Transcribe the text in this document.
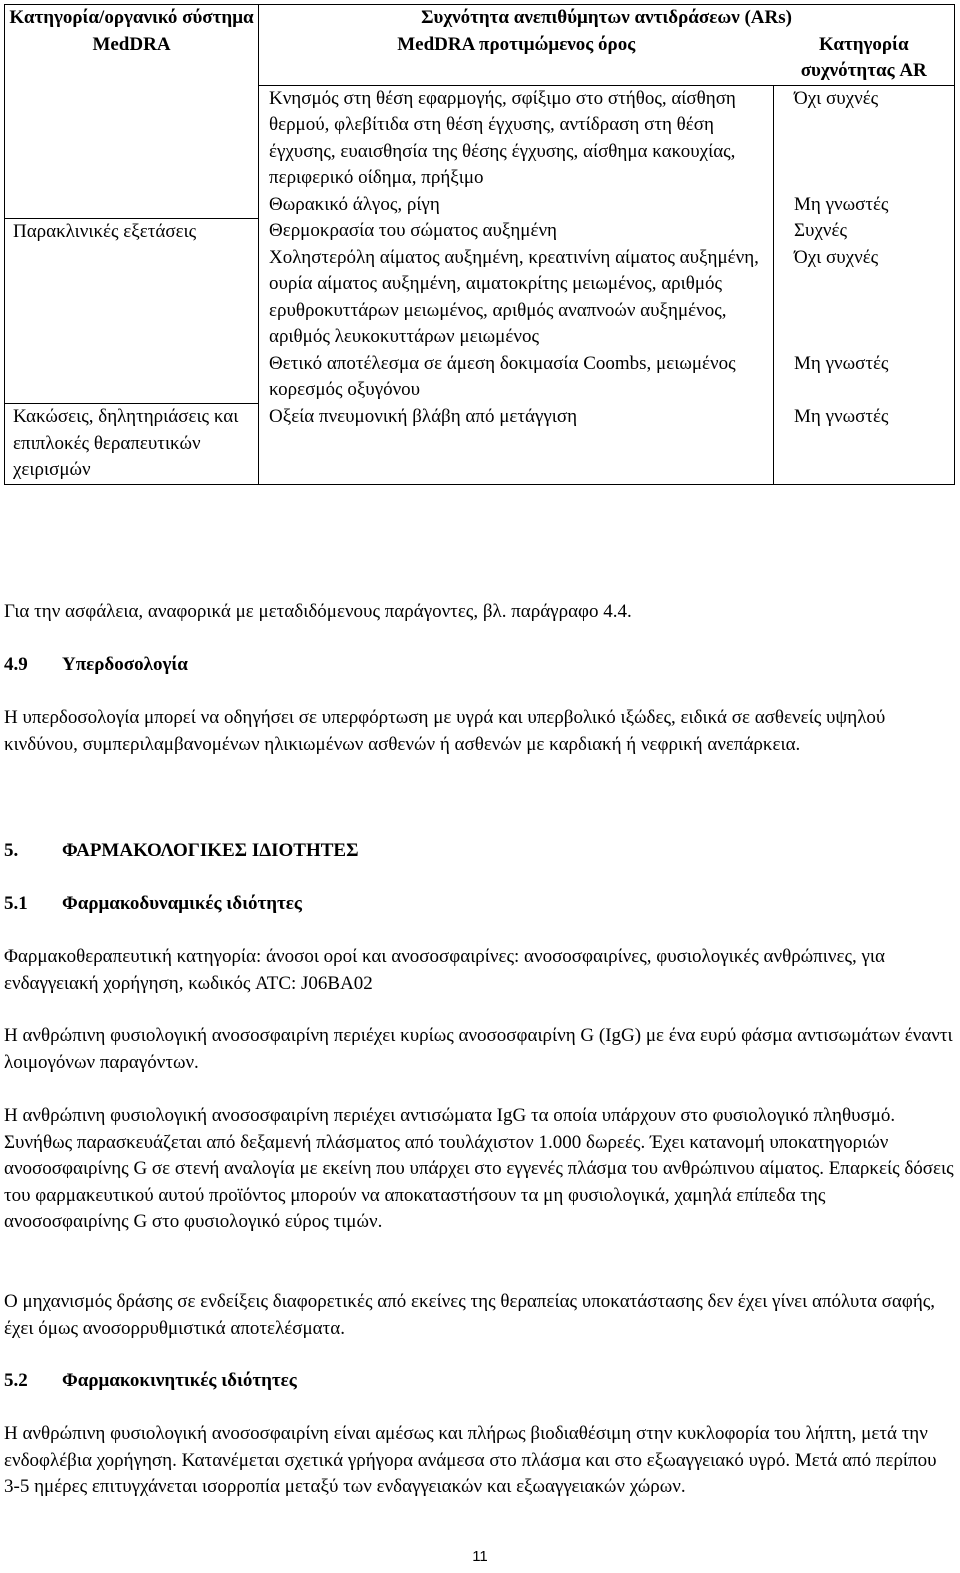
Κατηγορία/οργανικό σύστημα MedDRA	Συχνότητα ανεπιθύμητων αντιδράσεων (ARs)	
	MedDRA προτιμώμενος όρος	Κατηγορία συχνότητας AR
	Κνησμός στη θέση εφαρμογής, σφίξιμο στο στήθος, αίσθηση θερμού, φλεβίτιδα στη θέση έγχυσης, αντίδραση στη θέση έγχυσης, ευαισθησία της θέσης έγχυσης, αίσθημα κακουχίας, περιφερικό οίδημα, πρήξιμο	Όχι συχνές
	Θωρακικό άλγος, ρίγη	Μη γνωστές
Παρακλινικές εξετάσεις	Θερμοκρασία του σώματος αυξημένη	Συχνές
	Χοληστερόλη αίματος αυξημένη, κρεατινίνη αίματος αυξημένη, ουρία αίματος αυξημένη, αιματοκρίτης μειωμένος, αριθμός ερυθροκυττάρων μειωμένος, αριθμός αναπνοών αυξημένος, αριθμός λευκοκυττάρων μειωμένος	Όχι συχνές
	Θετικό αποτέλεσμα σε άμεση δοκιμασία Coombs, μειωμένος κορεσμός οξυγόνου	Μη γνωστές
Κακώσεις, δηλητηριάσεις και επιπλοκές θεραπευτικών χειρισμών	Οξεία πνευμονική βλάβη από μετάγγιση	Μη γνωστές

Για την ασφάλεια, αναφορικά με μεταδιδόμενους παράγοντες, βλ. παράγραφο 4.4.

4.9 Υπερδοσολογία

Η υπερδοσολογία μπορεί να οδηγήσει σε υπερφόρτωση με υγρά και υπερβολικό ιξώδες, ειδικά σε ασθενείς υψηλού κινδύνου, συμπεριλαμβανομένων ηλικιωμένων ασθενών ή ασθενών με καρδιακή ή νεφρική ανεπάρκεια.

5. ΦΑΡΜΑΚΟΛΟΓΙΚΕΣ ΙΔΙΟΤΗΤΕΣ

5.1 Φαρμακοδυναμικές ιδιότητες

Φαρμακοθεραπευτική κατηγορία: άνοσοι οροί και ανοσοσφαιρίνες: ανοσοσφαιρίνες, φυσιολογικές ανθρώπινες, για ενδαγγειακή χορήγηση, κωδικός ATC: J06BA02

Η ανθρώπινη φυσιολογική ανοσοσφαιρίνη περιέχει κυρίως ανοσοσφαιρίνη G (IgG) με ένα ευρύ φάσμα αντισωμάτων έναντι λοιμογόνων παραγόντων.

Η ανθρώπινη φυσιολογική ανοσοσφαιρίνη περιέχει αντισώματα IgG τα οποία υπάρχουν στο φυσιολογικό πληθυσμό. Συνήθως παρασκευάζεται από δεξαμενή πλάσματος από τουλάχιστον 1.000 δωρεές. Έχει κατανομή υποκατηγοριών ανοσοσφαιρίνης G σε στενή αναλογία με εκείνη που υπάρχει στο εγγενές πλάσμα του ανθρώπινου αίματος. Επαρκείς δόσεις του φαρμακευτικού αυτού προϊόντος μπορούν να αποκαταστήσουν τα μη φυσιολογικά, χαμηλά επίπεδα της ανοσοσφαιρίνης G στο φυσιολογικό εύρος τιμών.

Ο μηχανισμός δράσης σε ενδείξεις διαφορετικές από εκείνες της θεραπείας υποκατάστασης δεν έχει γίνει απόλυτα σαφής, έχει όμως ανοσορρυθμιστικά αποτελέσματα.

5.2 Φαρμακοκινητικές ιδιότητες

Η ανθρώπινη φυσιολογική ανοσοσφαιρίνη είναι αμέσως και πλήρως βιοδιαθέσιμη στην κυκλοφορία του λήπτη, μετά την ενδοφλέβια χορήγηση. Κατανέμεται σχετικά γρήγορα ανάμεσα στο πλάσμα και στο εξωαγγειακό υγρό. Μετά από περίπου 3-5 ημέρες επιτυγχάνεται ισορροπία μεταξύ των ενδαγγειακών και εξωαγγειακών χώρων.

11
